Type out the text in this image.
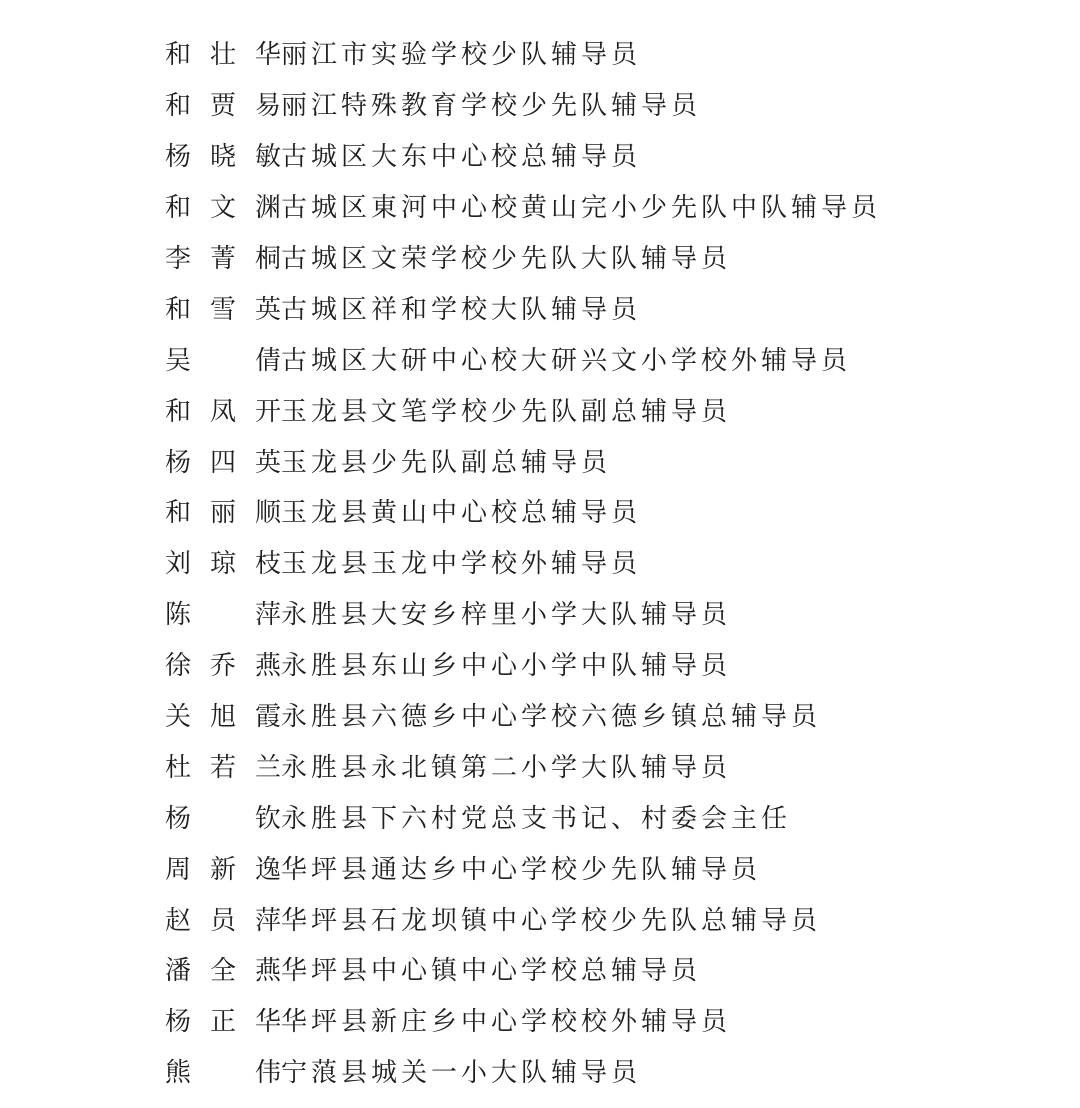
和壮华 丽江市实验学校少队辅导员
和贾易 丽江特殊教育学校少先队辅导员
杨晓敏 古城区大东中心校总辅导员
和文渊 古城区東河中心校黄山完小少先队中队辅导员
李菁桐 古城区文荣学校少先队大队辅导员
和雪英 古城区祥和学校大队辅导员
吴　倩 古城区大研中心校大研兴文小学校外辅导员
和凤开 玉龙县文笔学校少先队副总辅导员
杨四英 玉龙县少先队副总辅导员
和丽顺 玉龙县黄山中心校总辅导员
刘琼枝 玉龙县玉龙中学校外辅导员
陈　萍 永胜县大安乡梓里小学大队辅导员
徐乔燕 永胜县东山乡中心小学中队辅导员
关旭霞 永胜县六德乡中心学校六德乡镇总辅导员
杜若兰 永胜县永北镇第二小学大队辅导员
杨　钦 永胜县下六村党总支书记、村委会主任
周新逸 华坪县通达乡中心学校少先队辅导员
赵员萍 华坪县石龙坝镇中心学校少先队总辅导员
潘全燕 华坪县中心镇中心学校总辅导员
杨正华 华坪县新庄乡中心学校校外辅导员
熊　伟 宁蒗县城关一小大队辅导员
